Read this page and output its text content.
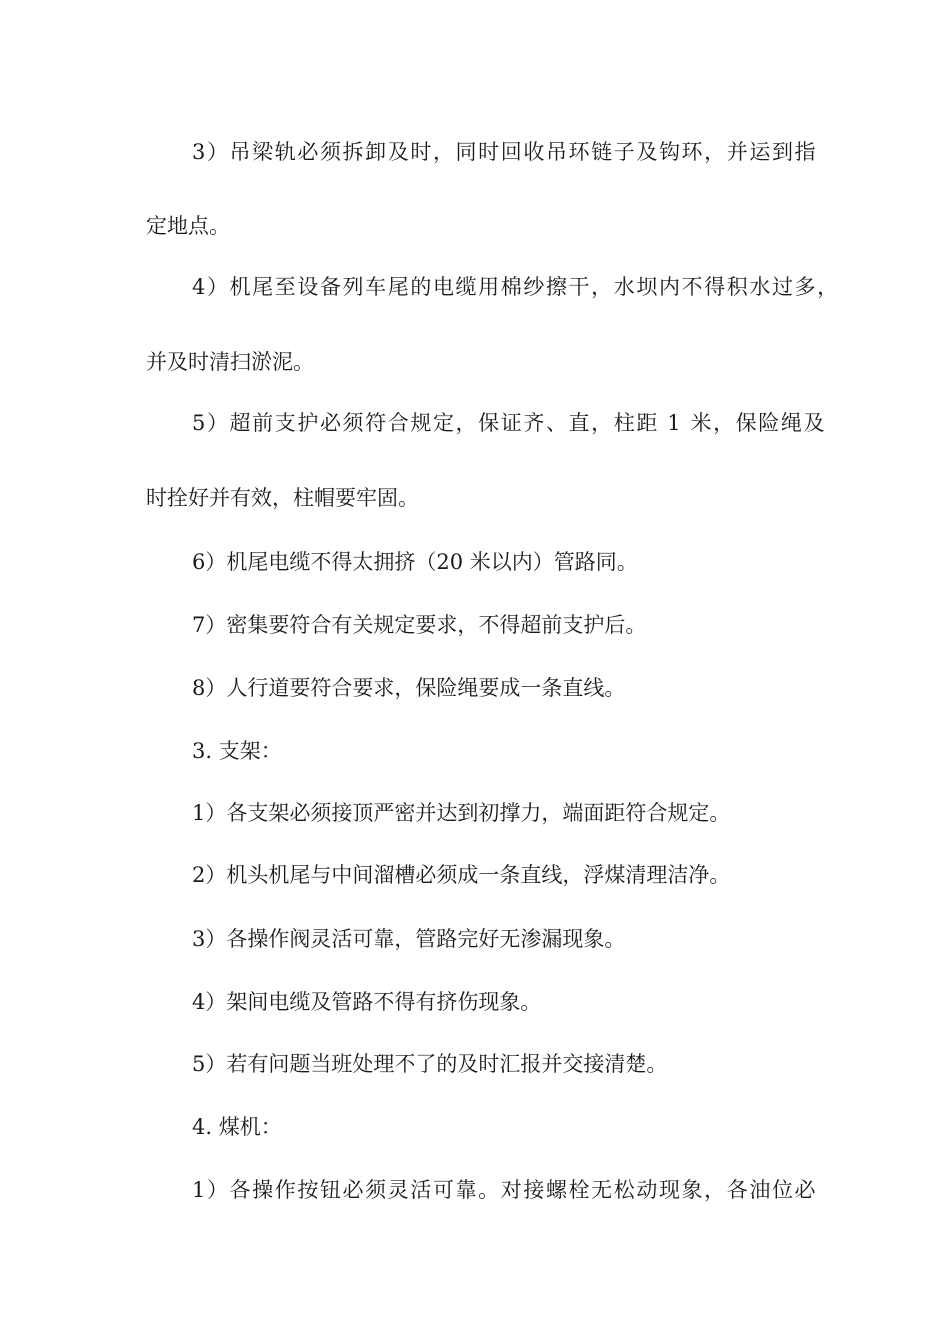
3）吊梁轨必须拆卸及时，同时回收吊环链子及钩环，并运到指
定地点。
4）机尾至设备列车尾的电缆用棉纱擦干，水坝内不得积水过多，
并及时清扫淤泥。
5）超前支护必须符合规定，保证齐、直，柱距 1 米，保险绳及
时拴好并有效，柱帽要牢固。
6）机尾电缆不得太拥挤（20 米以内）管路同。
7）密集要符合有关规定要求，不得超前支护后。
8）人行道要符合要求，保险绳要成一条直线。
3. 支架：
1）各支架必须接顶严密并达到初撑力，端面距符合规定。
2）机头机尾与中间溜槽必须成一条直线，浮煤清理洁净。
3）各操作阀灵活可靠，管路完好无渗漏现象。
4）架间电缆及管路不得有挤伤现象。
5）若有问题当班处理不了的及时汇报并交接清楚。
4. 煤机：
1）各操作按钮必须灵活可靠。对接螺栓无松动现象，各油位必
